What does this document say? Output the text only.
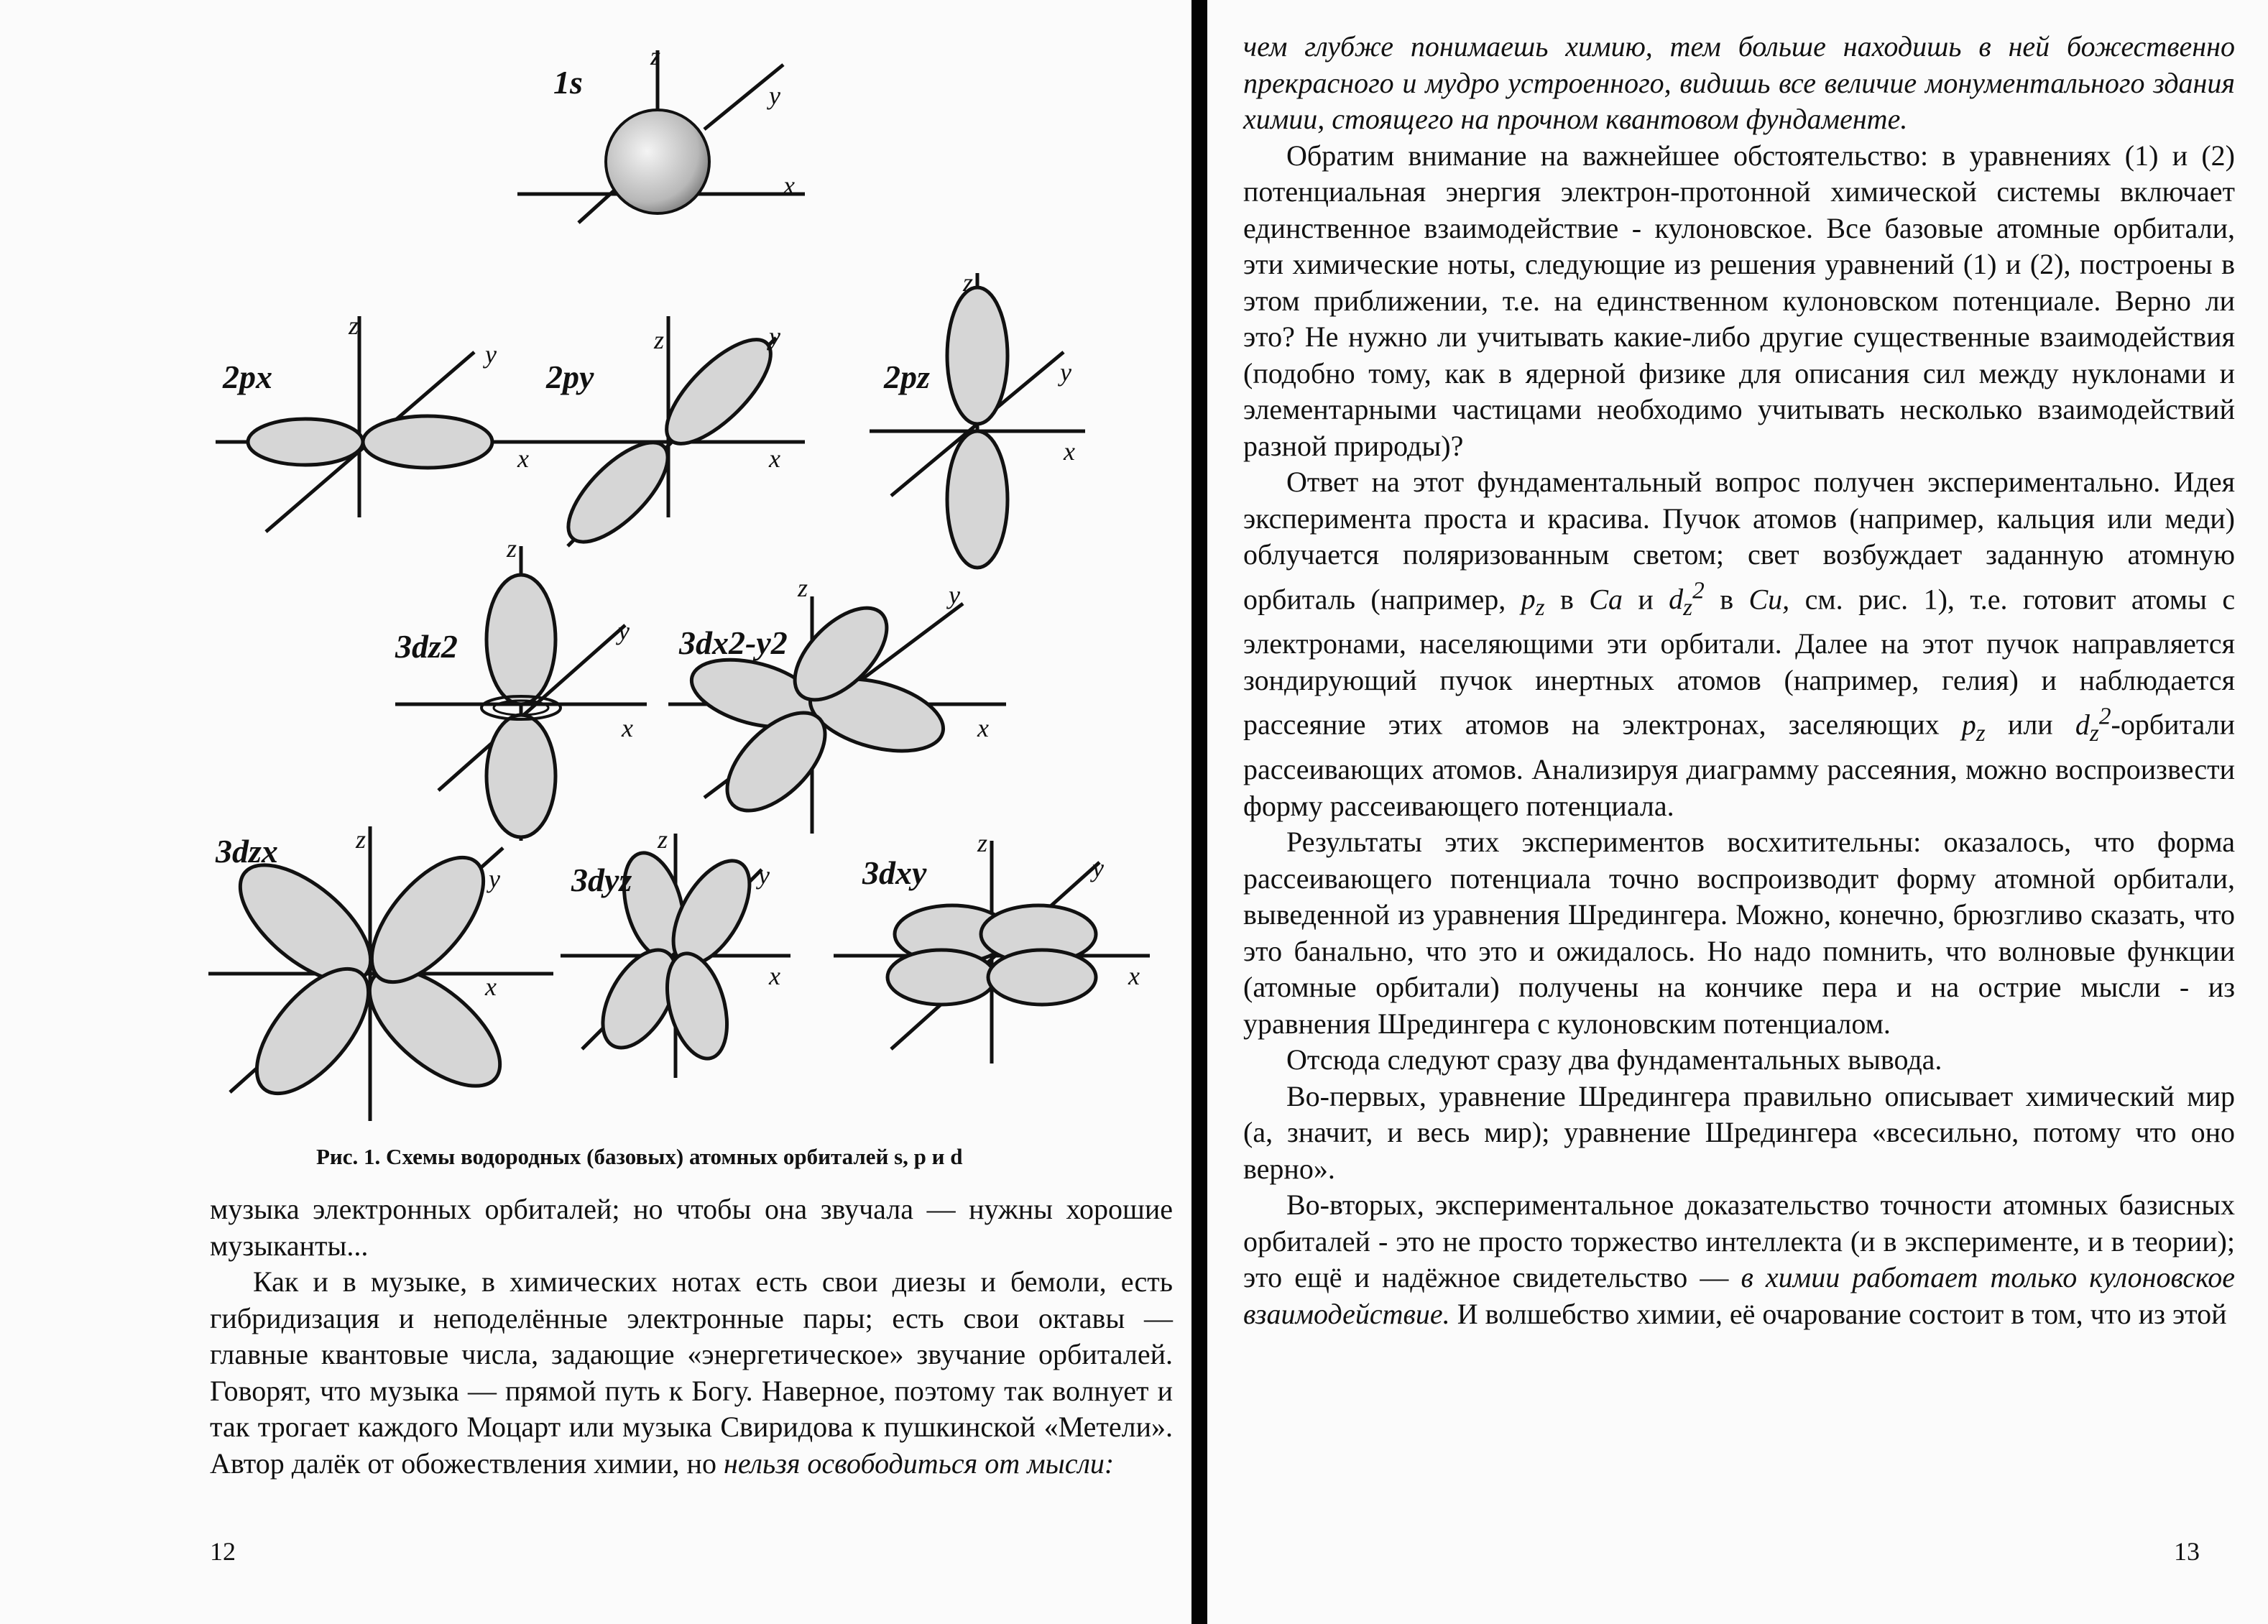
1s
z
y
x
2px
z
y
x
2py
z	y
x
2pz
z
y
x
3dz2
z
y
x
3dx2-y2
z	y
x
3dzx	z
y
x
3dyz
z
y
x
3dxy
z
y
x
Рис. 1. Схемы водородных (базовых) атомных орбиталей s, p и d

музыка электронных орбиталей; но чтобы она звучала — нужны хорошие музыканты...

Как и в музыке, в химических нотах есть свои диезы и бемоли, есть гибридизация и неподелённые электронные пары; есть свои октавы — главные квантовые числа, задающие «энергетическое» звучание орбиталей. Говорят, что музыка — прямой путь к Богу. Наверное, поэтому так волнует и так трогает каждого Моцарт или музыка Свиридова к пушкинской «Метели». Автор далёк от обожествления химии, но нельзя освободиться от мысли:

12

чем глубже понимаешь химию, тем больше находишь в ней божественно прекрасного и мудро устроенного, видишь все величие монументального здания химии, стоящего на прочном квантовом фундаменте.

Обратим внимание на важнейшее обстоятельство: в уравнениях (1) и (2) потенциальная энергия электрон-протонной химической системы включает единственное взаимодействие - кулоновское. Все базовые атомные орбитали, эти химические ноты, следующие из решения уравнений (1) и (2), построены в этом приближении, т.е. на единственном кулоновском потенциале. Верно ли это? Не нужно ли учитывать какие-либо другие существенные взаимодействия (подобно тому, как в ядерной физике для описания сил между нуклонами и элементарными частицами необходимо учитывать несколько взаимодействий разной природы)?

Ответ на этот фундаментальный вопрос получен экспериментально. Идея эксперимента проста и красива. Пучок атомов (например, кальция или меди) облучается поляризованным светом; свет возбуждает заданную атомную орбиталь (например, $p_z$ в Ca и $d_z^2$ в Cu, см. рис. 1), т.е. готовит атомы с электронами, населяющими эти орбитали. Далее на этот пучок направляется зондирующий пучок инертных атомов (например, гелия) и наблюдается рассеяние этих атомов на электронах, заселяющих $p_z$ или $d_z^2$-орбитали рассеивающих атомов. Анализируя диаграмму рассеяния, можно воспроизвести форму рассеивающего потенциала.

Результаты этих экспериментов восхитительны: оказалось, что форма рассеивающего потенциала точно воспроизводит форму атомной орбитали, выведенной из уравнения Шредингера. Можно, конечно, брюзгливо сказать, что это банально, что это и ожидалось. Но надо помнить, что волновые функции (атомные орбитали) получены на кончике пера и на острие мысли - из уравнения Шредингера с кулоновским потенциалом.

Отсюда следуют сразу два фундаментальных вывода.

Во-первых, уравнение Шредингера правильно описывает химический мир (а, значит, и весь мир); уравнение Шредингера «всесильно, потому что оно верно».

Во-вторых, экспериментальное доказательство точности атомных базисных орбиталей - это не просто торжество интеллекта (и в эксперименте, и в теории); это ещё и надёжное свидетельство — в химии работает только кулоновское взаимодействие. И волшебство химии, её очарование состоит в том, что из этой

13
